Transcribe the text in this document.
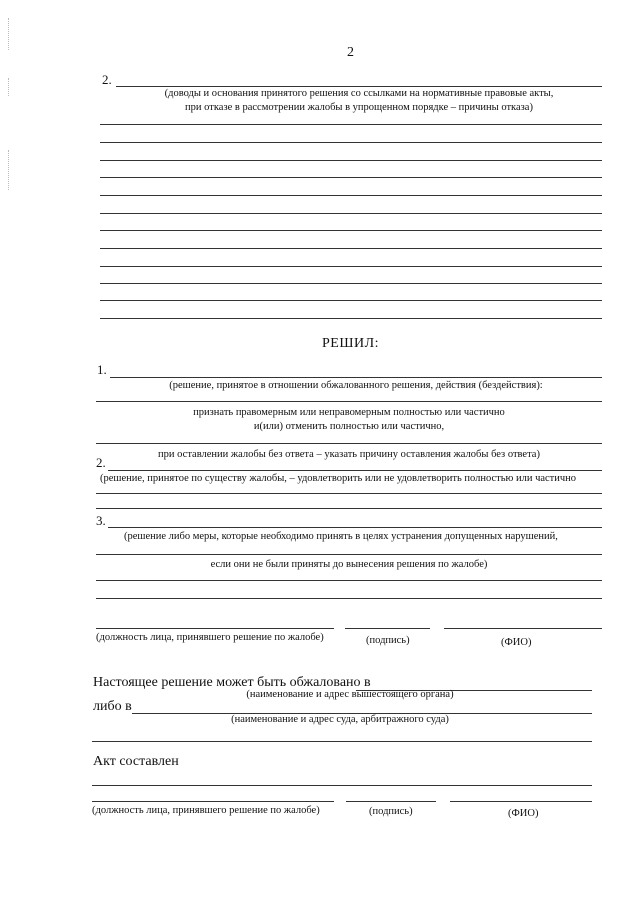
2
2.
(доводы и основания принятого решения со ссылками на нормативные правовые акты,
при отказе в рассмотрении жалобы в упрощенном порядке – причины отказа)
РЕШИЛ:
1.
(решение, принятое в отношении обжалованного решения, действия (бездействия):
признать правомерным или неправомерным полностью или частично
и(или) отменить полностью или частично,
при оставлении жалобы без ответа – указать причину оставления жалобы без ответа)
2.
(решение, принятое по существу жалобы, – удовлетворить или не удовлетворить полностью или частично
3.
(решение либо меры, которые необходимо принять в целях устранения допущенных нарушений,
если они не были приняты до вынесения решения по жалобе)
(должность лица, принявшего решение по жалобе)	(подпись)	(ФИО)
Настоящее решение может быть обжаловано в
(наименование и адрес вышестоящего органа)
либо в
(наименование и адрес суда, арбитражного суда)
Акт составлен
(должность лица, принявшего решение по жалобе)	(подпись)	(ФИО)
